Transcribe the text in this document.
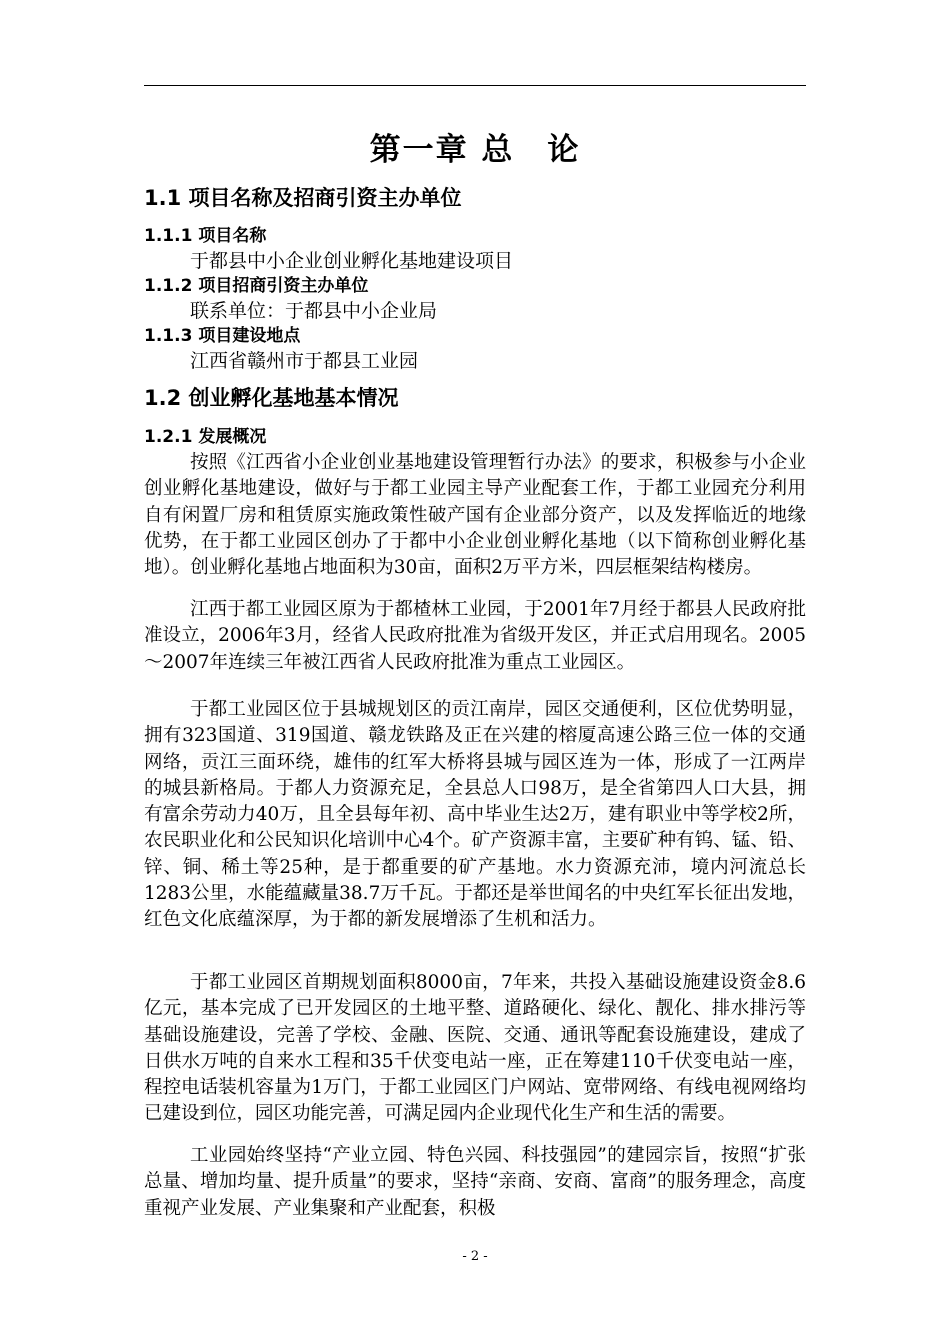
第一章 总　论
1.1 项目名称及招商引资主办单位
1.1.1 项目名称

于都县中小企业创业孵化基地建设项目

1.1.2 项目招商引资主办单位

联系单位：于都县中小企业局

1.1.3 项目建设地点

江西省赣州市于都县工业园

1.2 创业孵化基地基本情况
1.2.1 发展概况

按照《江西省小企业创业基地建设管理暂行办法》的要求，积极参与小企业创业孵化基地建设，做好与于都工业园主导产业配套工作，于都工业园充分利用自有闲置厂房和租赁原实施政策性破产国有企业部分资产，以及发挥临近的地缘优势，在于都工业园区创办了于都中小企业创业孵化基地（以下简称创业孵化基地）。创业孵化基地占地面积为30亩，面积2万平方米，四层框架结构楼房。

江西于都工业园区原为于都楂林工业园，于2001年7月经于都县人民政府批准设立，2006年3月，经省人民政府批准为省级开发区，并正式启用现名。2005～2007年连续三年被江西省人民政府批准为重点工业园区。

于都工业园区位于县城规划区的贡江南岸，园区交通便利，区位优势明显，拥有323国道、319国道、赣龙铁路及正在兴建的榕厦高速公路三位一体的交通网络，贡江三面环绕，雄伟的红军大桥将县城与园区连为一体，形成了一江两岸的城县新格局。于都人力资源充足，全县总人口98万，是全省第四人口大县，拥有富余劳动力40万，且全县每年初、高中毕业生达2万，建有职业中等学校2所，农民职业化和公民知识化培训中心4个。矿产资源丰富，主要矿种有钨、锰、铅、锌、铜、稀土等25种，是于都重要的矿产基地。水力资源充沛，境内河流总长1283公里，水能蕴藏量38.7万千瓦。于都还是举世闻名的中央红军长征出发地，红色文化底蕴深厚，为于都的新发展增添了生机和活力。

于都工业园区首期规划面积8000亩，7年来，共投入基础设施建设资金8.6亿元，基本完成了已开发园区的土地平整、道路硬化、绿化、靓化、排水排污等基础设施建设，完善了学校、金融、医院、交通、通讯等配套设施建设，建成了日供水万吨的自来水工程和35千伏变电站一座，正在筹建110千伏变电站一座，程控电话装机容量为1万门，于都工业园区门户网站、宽带网络、有线电视网络均已建设到位，园区功能完善，可满足园内企业现代化生产和生活的需要。

工业园始终坚持“产业立园、特色兴园、科技强园”的建园宗旨，按照“扩张总量、增加均量、提升质量”的要求，坚持“亲商、安商、富商”的服务理念，高度重视产业发展、产业集聚和产业配套，积极

- 2 -
